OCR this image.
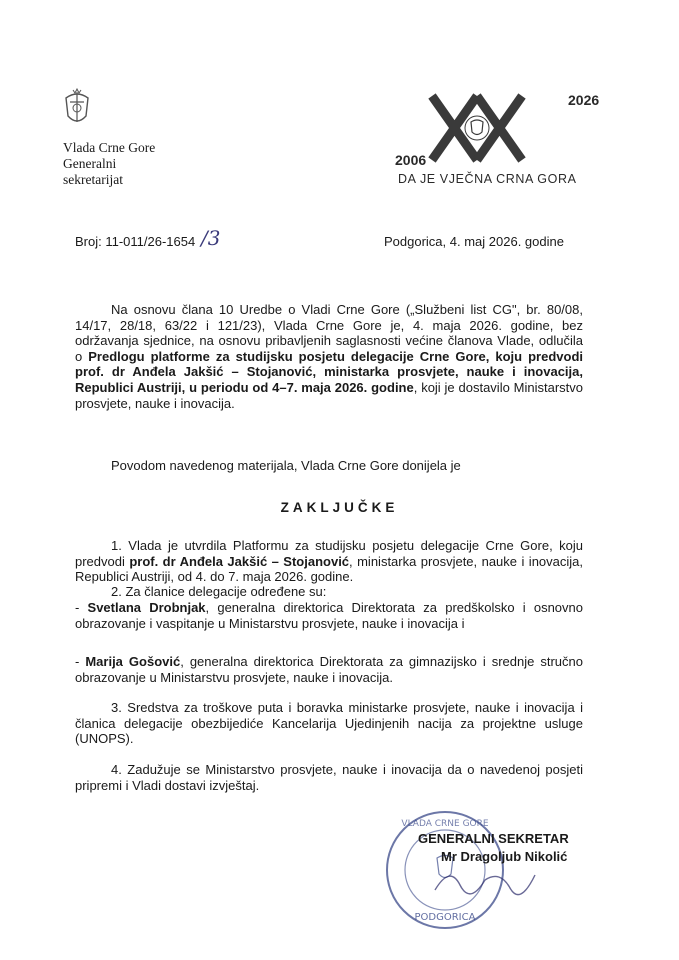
Vlada Crne Gore
Generalni
sekretarijat
2026
2006
DA JE VJEČNA CRNA GORA
Broj: 11-011/26-1654 /3	Podgorica, 4. maj 2026. godine
Na osnovu člana 10 Uredbe o Vladi Crne Gore („Službeni list CG", br. 80/08, 14/17, 28/18, 63/22 i 121/23), Vlada Crne Gore je, 4. maja 2026. godine, bez održavanja sjednice, na osnovu pribavljenih saglasnosti većine članova Vlade, odlučila o Predlogu platforme za studijsku posjetu delegacije Crne Gore, koju predvodi prof. dr Anđela Jakšić – Stojanović, ministarka prosvjete, nauke i inovacija, Republici Austriji, u periodu od 4–7. maja 2026. godine, koji je dostavilo Ministarstvo prosvjete, nauke i inovacija.
Povodom navedenog materijala, Vlada Crne Gore donijela je
ZAKLJUČKE
1. Vlada je utvrdila Platformu za studijsku posjetu delegacije Crne Gore, koju predvodi prof. dr Anđela Jakšić – Stojanović, ministarka prosvjete, nauke i inovacija, Republici Austriji, od 4. do 7. maja 2026. godine.
2. Za članice delegacije određene su:
- Svetlana Drobnjak, generalna direktorica Direktorata za predškolsko i osnovno obrazovanje i vaspitanje u Ministarstvu prosvjete, nauke i inovacija i
- Marija Gošović, generalna direktorica Direktorata za gimnazijsko i srednje stručno obrazovanje u Ministarstvu prosvjete, nauke i inovacija.
3. Sredstva za troškove puta i boravka ministarke prosvjete, nauke i inovacija i članica delegacije obezbijediće Kancelarija Ujedinjenih nacija za projektne usluge (UNOPS).
4. Zadužuje se Ministarstvo prosvjete, nauke i inovacija da o navedenoj posjeti pripremi i Vladi dostavi izvještaj.
PODGORICA
VLADA CRNE GORE
GENERALNI SEKRETAR
Mr Dragoljub Nikolić
